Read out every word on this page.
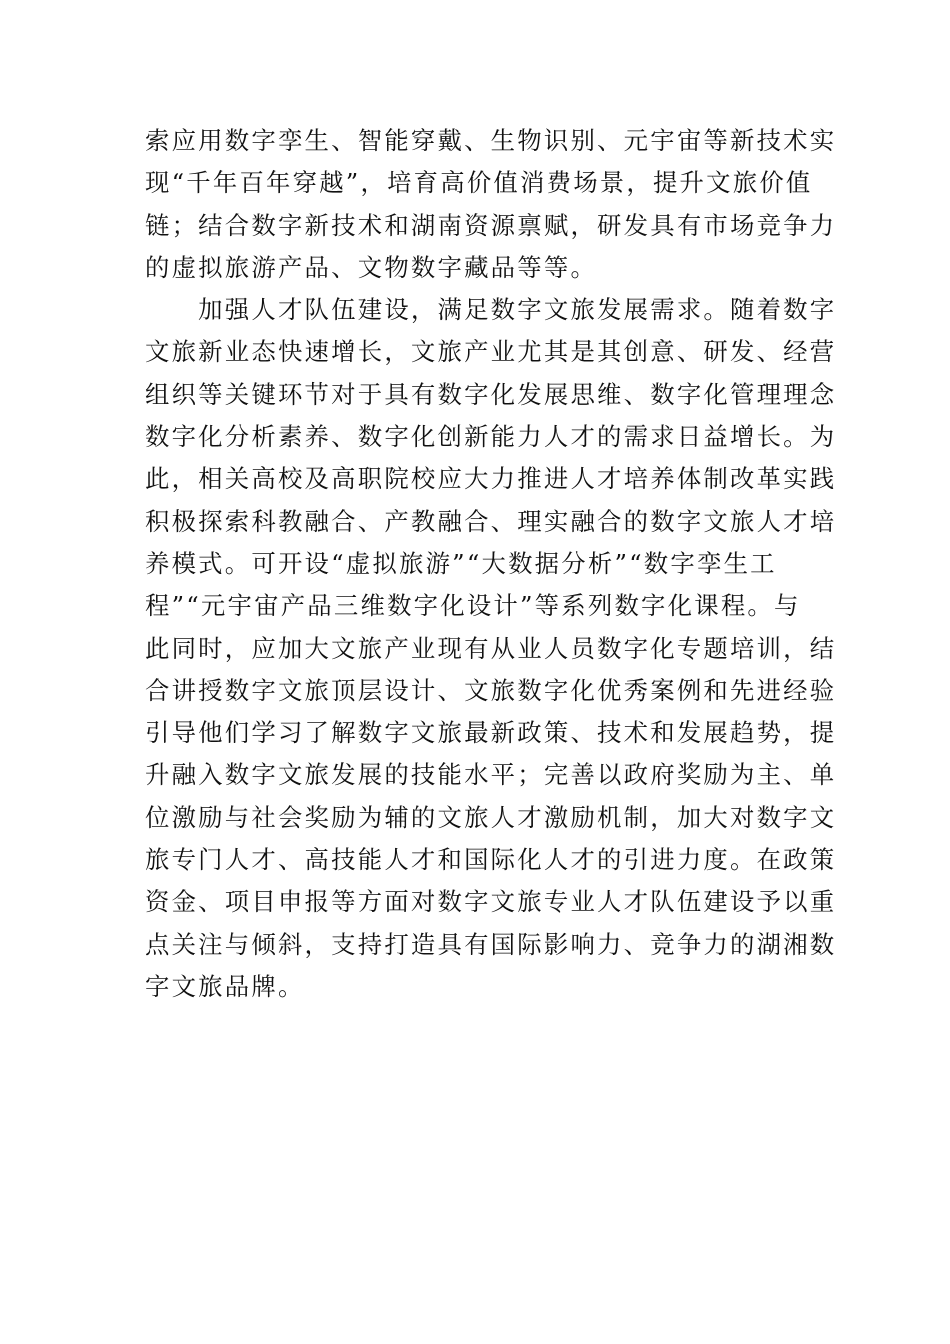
索应用数字孪生、智能穿戴、生物识别、元宇宙等新技术实
现“千年百年穿越”，培育高价值消费场景，提升文旅价值
链；结合数字新技术和湖南资源禀赋，研发具有市场竞争力
的虚拟旅游产品、文物数字藏品等等。
　　加强人才队伍建设，满足数字文旅发展需求。随着数字
文旅新业态快速增长，文旅产业尤其是其创意、研发、经营
组织等关键环节对于具有数字化发展思维、数字化管理理念
数字化分析素养、数字化创新能力人才的需求日益增长。为
此，相关高校及高职院校应大力推进人才培养体制改革实践
积极探索科教融合、产教融合、理实融合的数字文旅人才培
养模式。可开设“虚拟旅游”“大数据分析”“数字孪生工
程”“元宇宙产品三维数字化设计”等系列数字化课程。与
此同时，应加大文旅产业现有从业人员数字化专题培训，结
合讲授数字文旅顶层设计、文旅数字化优秀案例和先进经验
引导他们学习了解数字文旅最新政策、技术和发展趋势，提
升融入数字文旅发展的技能水平；完善以政府奖励为主、单
位激励与社会奖励为辅的文旅人才激励机制，加大对数字文
旅专门人才、高技能人才和国际化人才的引进力度。在政策
资金、项目申报等方面对数字文旅专业人才队伍建设予以重
点关注与倾斜，支持打造具有国际影响力、竞争力的湖湘数
字文旅品牌。
